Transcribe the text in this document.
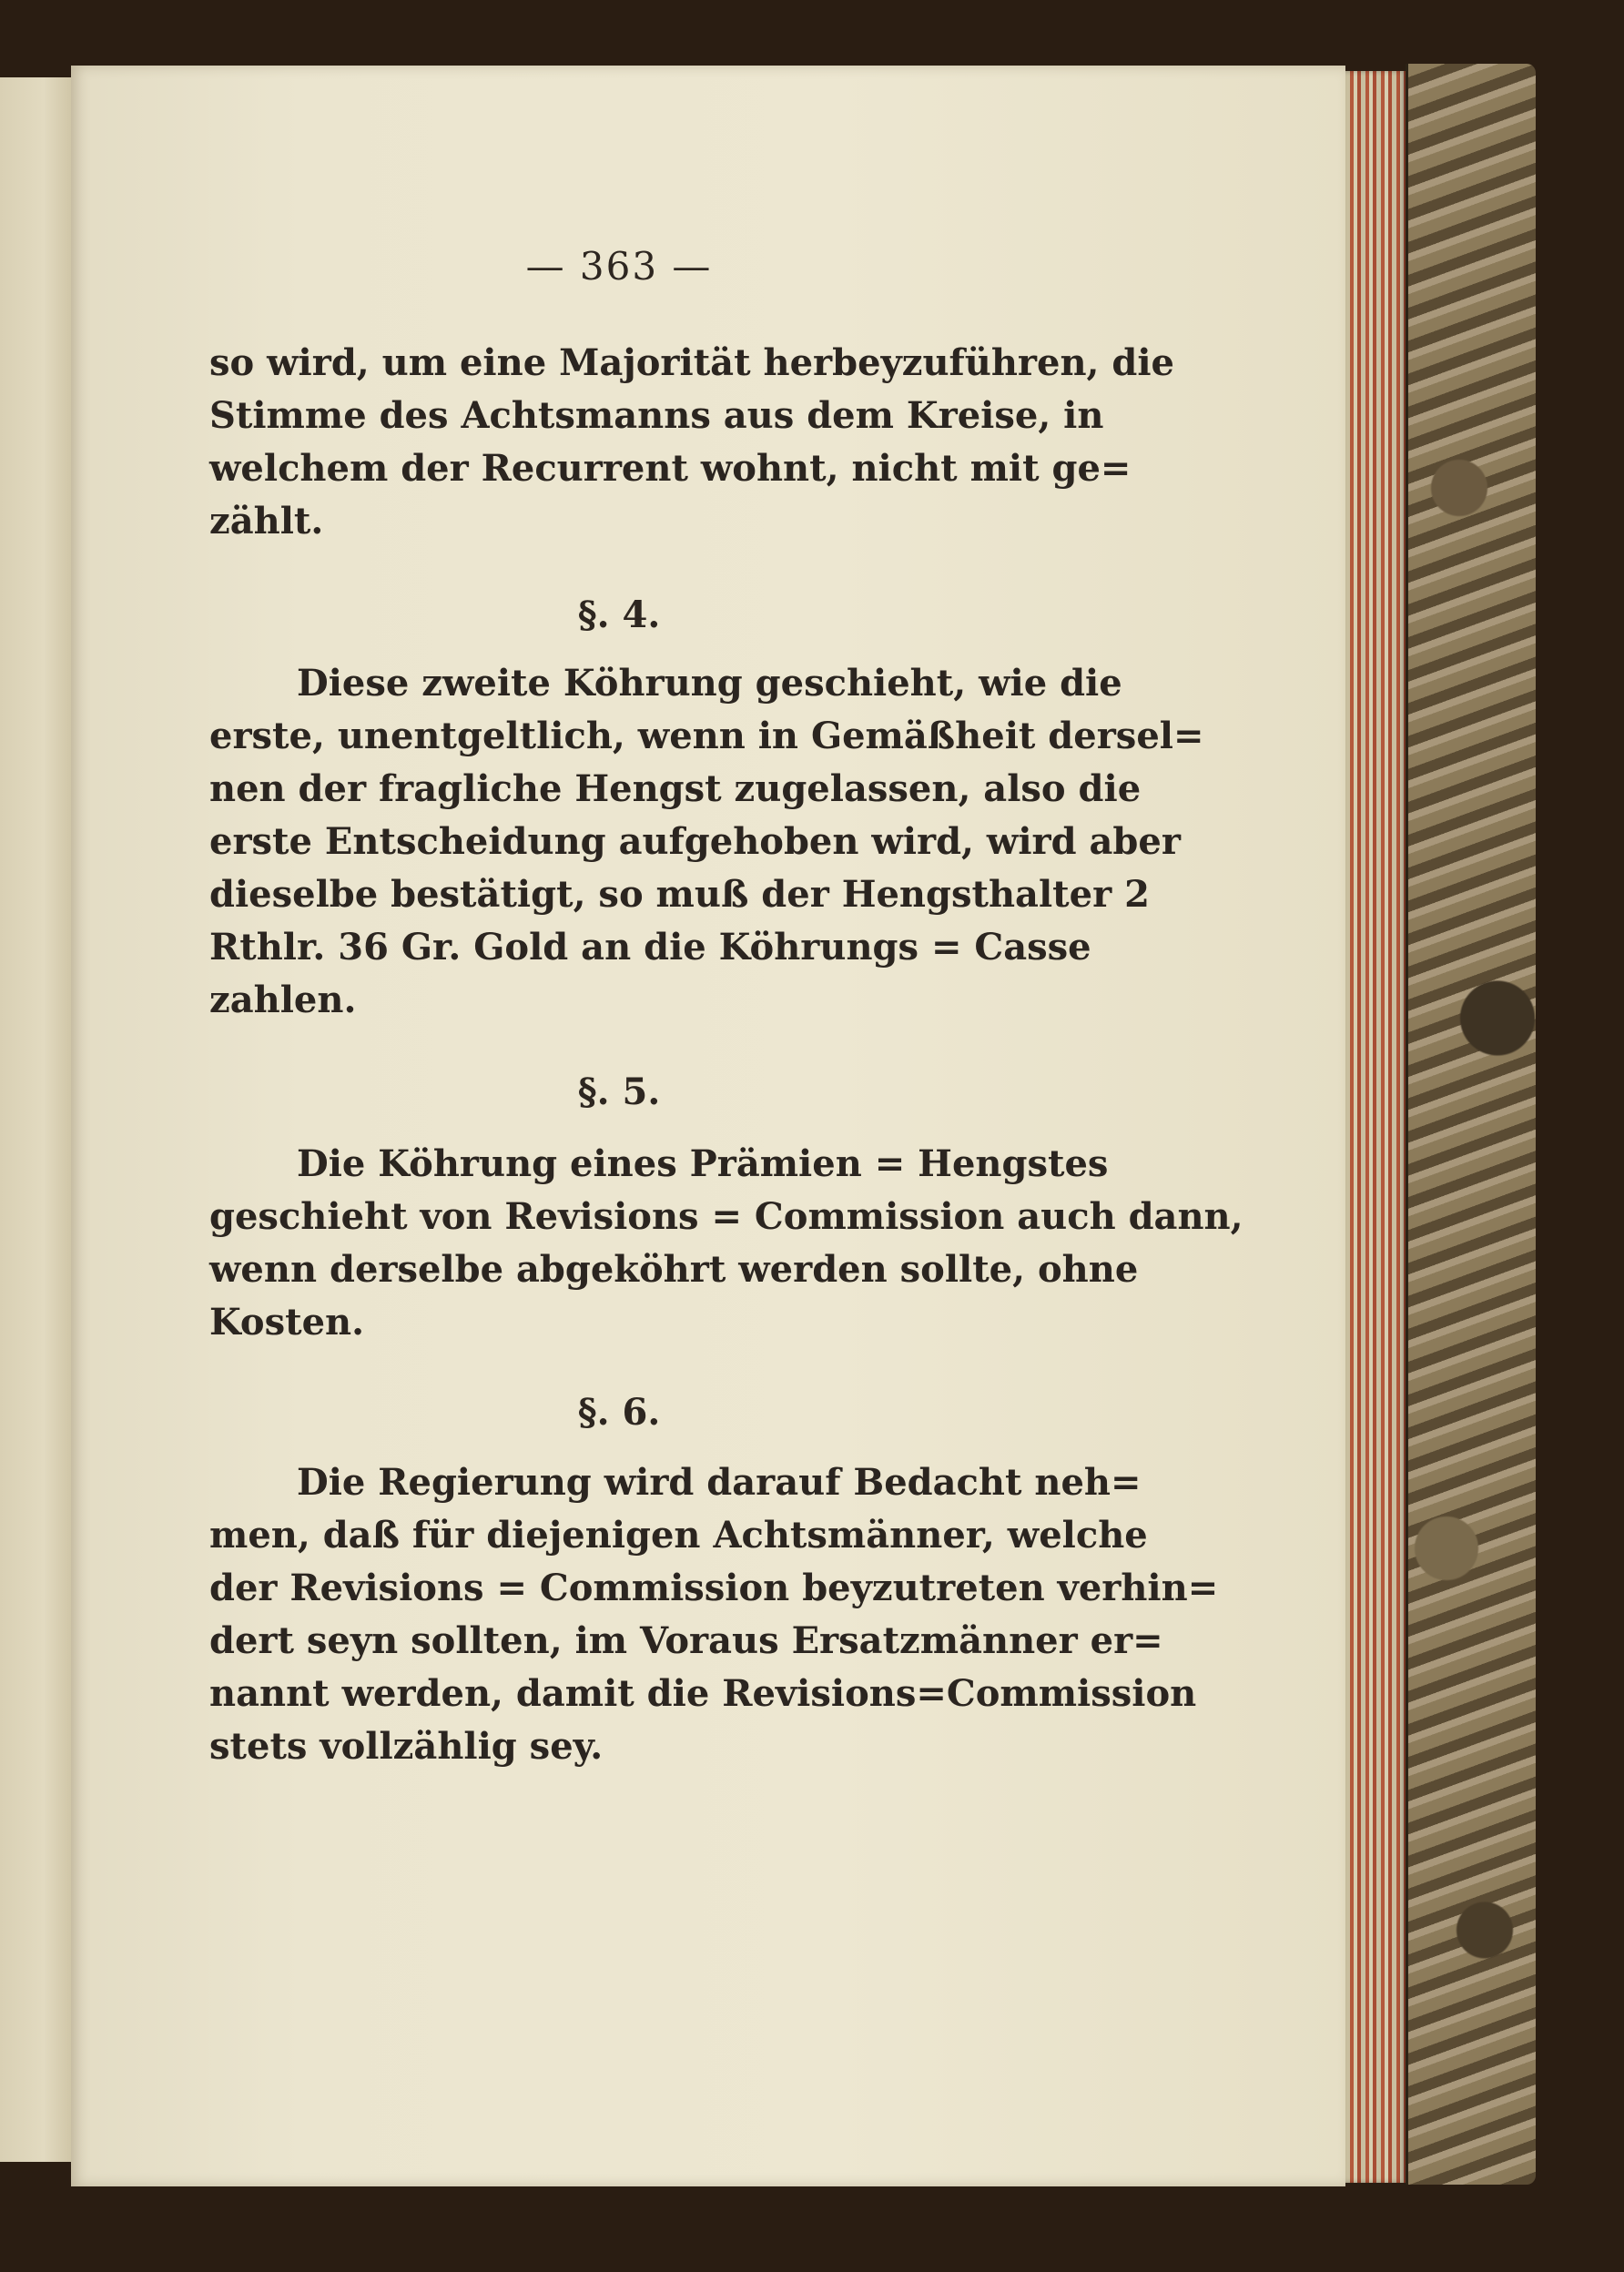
— 363 —
so wird, um eine Majorität herbeyzuführen, die
Stimme des Achtsmanns aus dem Kreise, in
welchem der Recurrent wohnt, nicht mit ge=
zählt.
§. 4.
Diese zweite Köhrung geschieht, wie die
erste, unentgeltlich, wenn in Gemäßheit dersel=
nen der fragliche Hengst zugelassen, also die
erste Entscheidung aufgehoben wird, wird aber
dieselbe bestätigt, so muß der Hengsthalter 2
Rthlr. 36 Gr. Gold an die Köhrungs = Casse
zahlen.
§. 5.
Die Köhrung eines Prämien = Hengstes
geschieht von Revisions = Commission auch dann,
wenn derselbe abgeköhrt werden sollte, ohne
Kosten.
§. 6.
Die Regierung wird darauf Bedacht neh=
men, daß für diejenigen Achtsmänner, welche
der Revisions = Commission beyzutreten verhin=
dert seyn sollten, im Voraus Ersatzmänner er=
nannt werden, damit die Revisions=Commission
stets vollzählig sey.
